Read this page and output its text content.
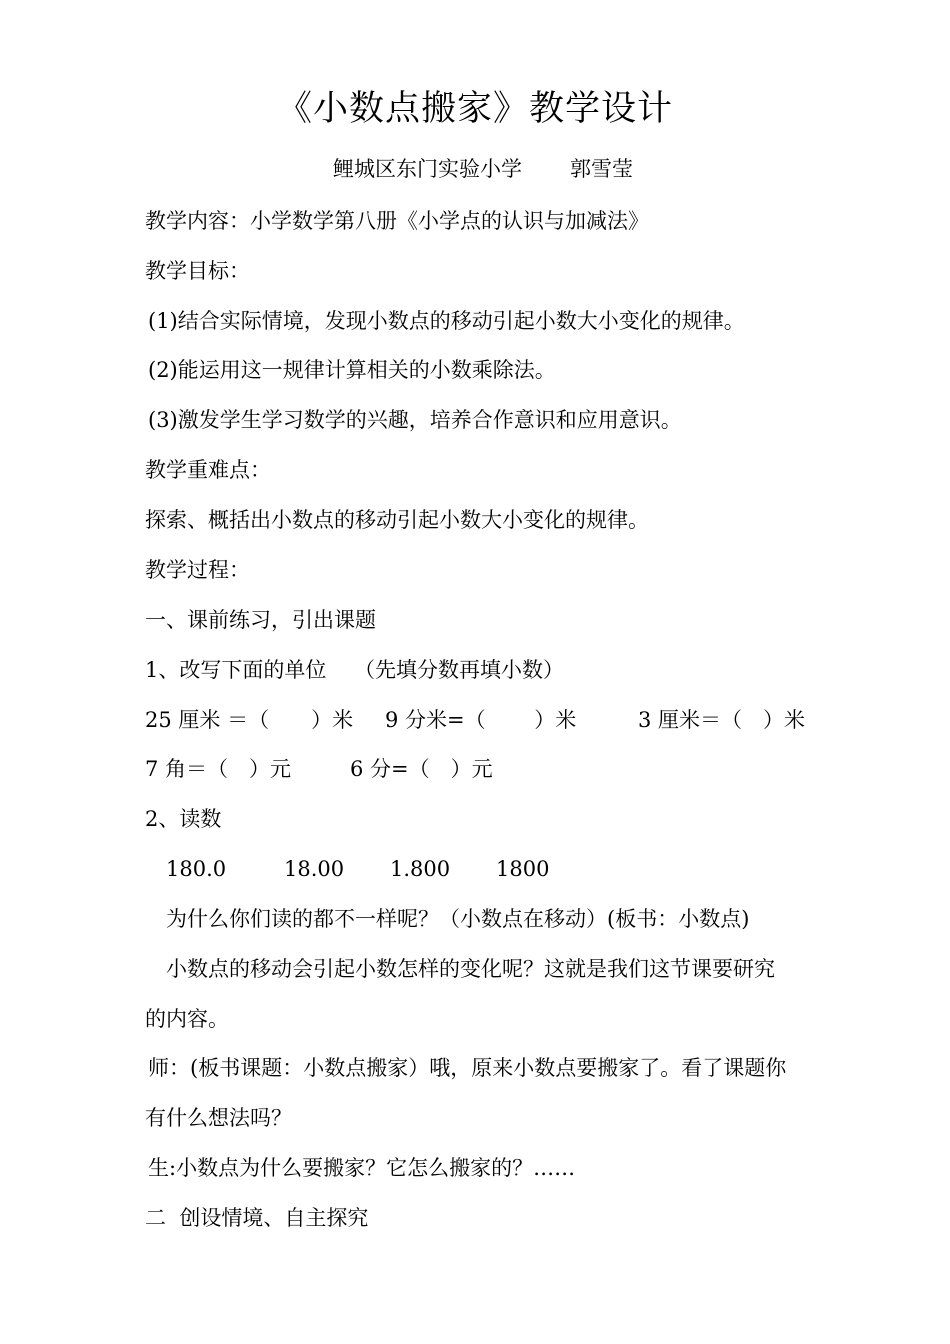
《小数点搬家》教学设计
鲤城区东门实验小学 郭雪莹
教学内容：小学数学第八册《小学点的认识与加减法》
教学目标：
(1)结合实际情境，发现小数点的移动引起小数大小变化的规律。
(2)能运用这一规律计算相关的小数乘除法。
(3)激发学生学习数学的兴趣，培养合作意识和应用意识。
教学重难点：
探索、概括出小数点的移动引起小数大小变化的规律。
教学过程：
一、课前练习，引出课题
1、改写下面的单位　 （先填分数再填小数）
25 厘米 ＝（　　）米 9 分米=（　　 ）米	3 厘米＝（　）米
7 角＝（　）元	6 分=（　）元
2、读数
180.0	18.00 1.800 1800
为什么你们读的都不一样呢？（小数点在移动）(板书：小数点)
小数点的移动会引起小数怎样的变化呢？这就是我们这节课要研究
的内容。
师：(板书课题：小数点搬家）哦，原来小数点要搬家了。看了课题你
有什么想法吗？
生:小数点为什么要搬家？它怎么搬家的？……
二  创设情境、自主探究
